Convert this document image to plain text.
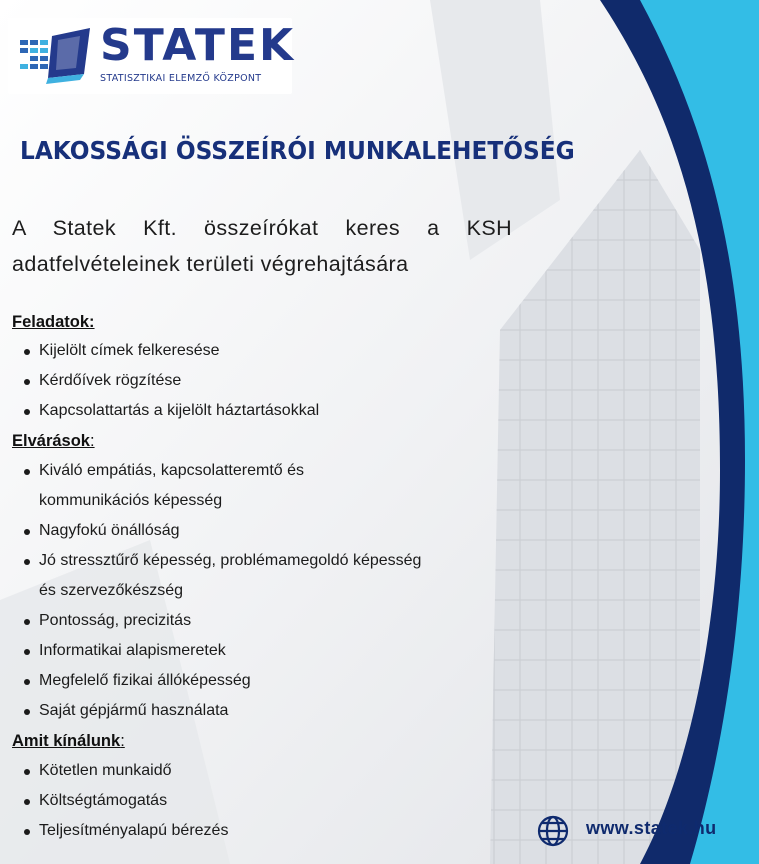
STATEK
STATISZTIKAI ELEMZŐ KÖZPONT
LAKOSSÁGI ÖSSZEÍRÓI MUNKALEHETŐSÉG
A Statek Kft. összeírókat keres a KSH adatfelvételeinek területi végrehajtására
Feladatok:
Kijelölt címek felkeresése
Kérdőívek rögzítése
Kapcsolattartás a kijelölt háztartásokkal
Elvárások:
Kiváló empátiás, kapcsolatteremtő és kommunikációs képesség
Nagyfokú önállóság
Jó stressztűrő képesség, problémamegoldó képesség és szervezőkészség
Pontosság, precizitás
Informatikai alapismeretek
Megfelelő fizikai állóképesség
Saját gépjármű használata
Amit kínálunk:
Kötetlen munkaidő
Költségtámogatás
Teljesítményalapú bérezés	www.statek.hu
